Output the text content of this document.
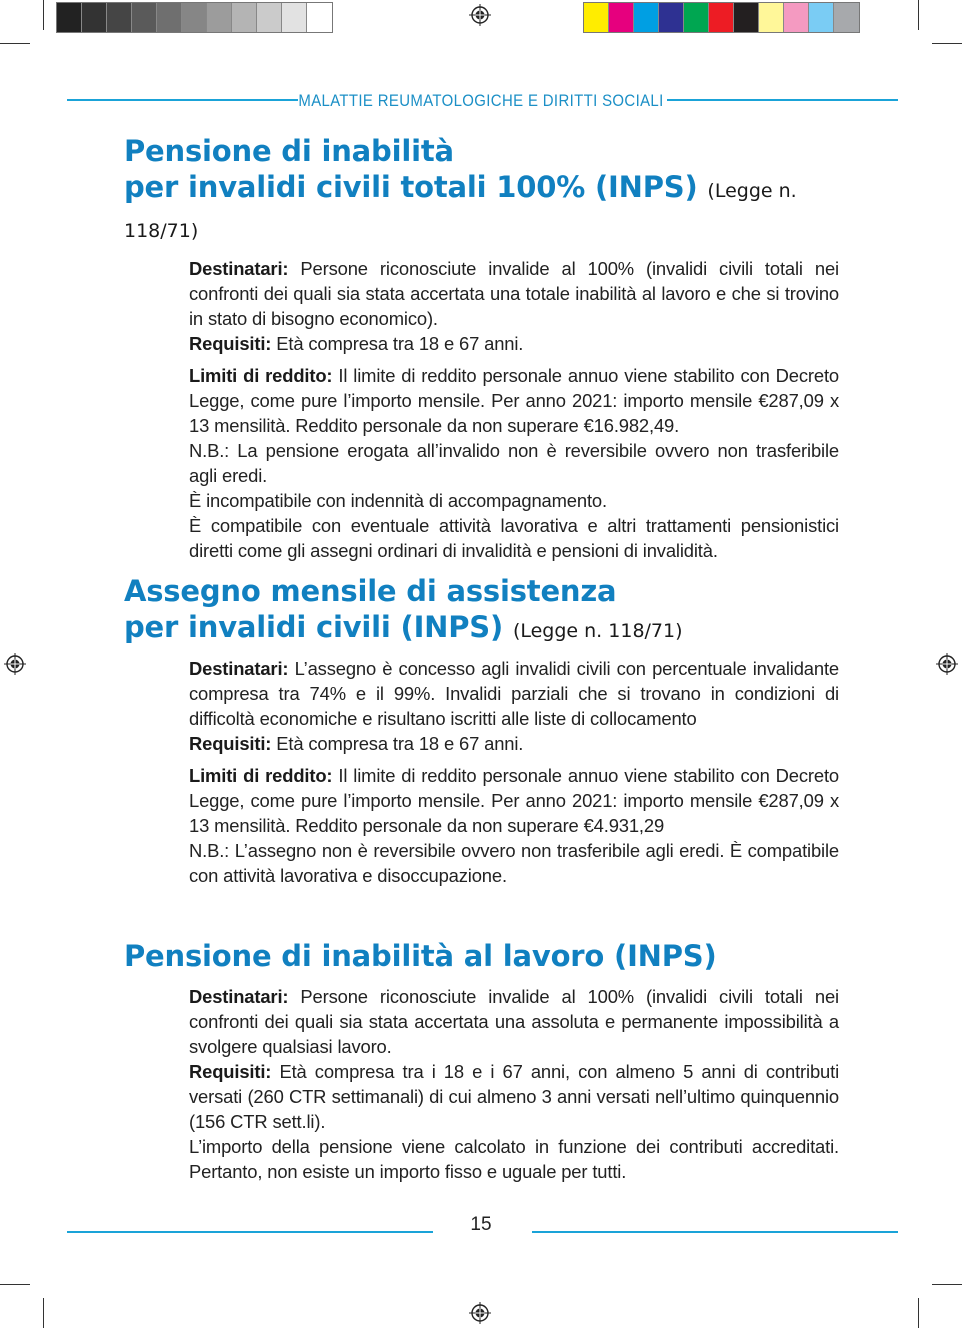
MALATTIE REUMATOLOGICHE E DIRITTI SOCIALI
Pensione di inabilità
per invalidi civili totali 100% (INPS) (Legge n. 118/71)

Destinatari: Persone riconosciute invalide al 100% (invalidi civili totali nei confronti dei quali sia stata accertata una totale inabilità al lavoro e che si trovino in stato di bisogno economico).

Requisiti: Età compresa tra 18 e 67 anni.

Limiti di reddito: Il limite di reddito personale annuo viene stabilito con Decreto Legge, come pure l’importo mensile. Per anno 2021: importo mensile €287,09 x 13 mensilità. Reddito personale da non superare €16.982,49.

N.B.: La pensione erogata all’invalido non è reversibile ovvero non trasferibile agli eredi.

È incompatibile con indennità di accompagnamento.

È compatibile con eventuale attività lavorativa e altri trattamenti pensionistici diretti come gli assegni ordinari di invalidità e pensioni di invalidità.

Assegno mensile di assistenza
per invalidi civili (INPS) (Legge n. 118/71)

Destinatari: L’assegno è concesso agli invalidi civili con percentuale invalidante compresa tra 74% e il 99%. Invalidi parziali che si trovano in condizioni di difficoltà economiche e risultano iscritti alle liste di collocamento

Requisiti: Età compresa tra 18 e 67 anni.

Limiti di reddito: Il limite di reddito personale annuo viene stabilito con Decreto Legge, come pure l’importo mensile. Per anno 2021: importo mensile €287,09 x 13 mensilità. Reddito personale da non superare €4.931,29

N.B.: L’assegno non è reversibile ovvero non trasferibile agli eredi. È compatibile con attività lavorativa e disoccupazione.

Pensione di inabilità al lavoro (INPS)

Destinatari: Persone riconosciute invalide al 100% (invalidi civili totali nei confronti dei quali sia stata accertata una assoluta e permanente impossibilità a svolgere qualsiasi lavoro.

Requisiti: Età compresa tra i 18 e i 67 anni, con almeno 5 anni di contributi versati (260 CTR settimanali) di cui almeno 3 anni versati nell’ultimo quinquennio (156 CTR sett.li).

L’importo della pensione viene calcolato in funzione dei contributi accreditati. Pertanto, non esiste un importo fisso e uguale per tutti.

15
